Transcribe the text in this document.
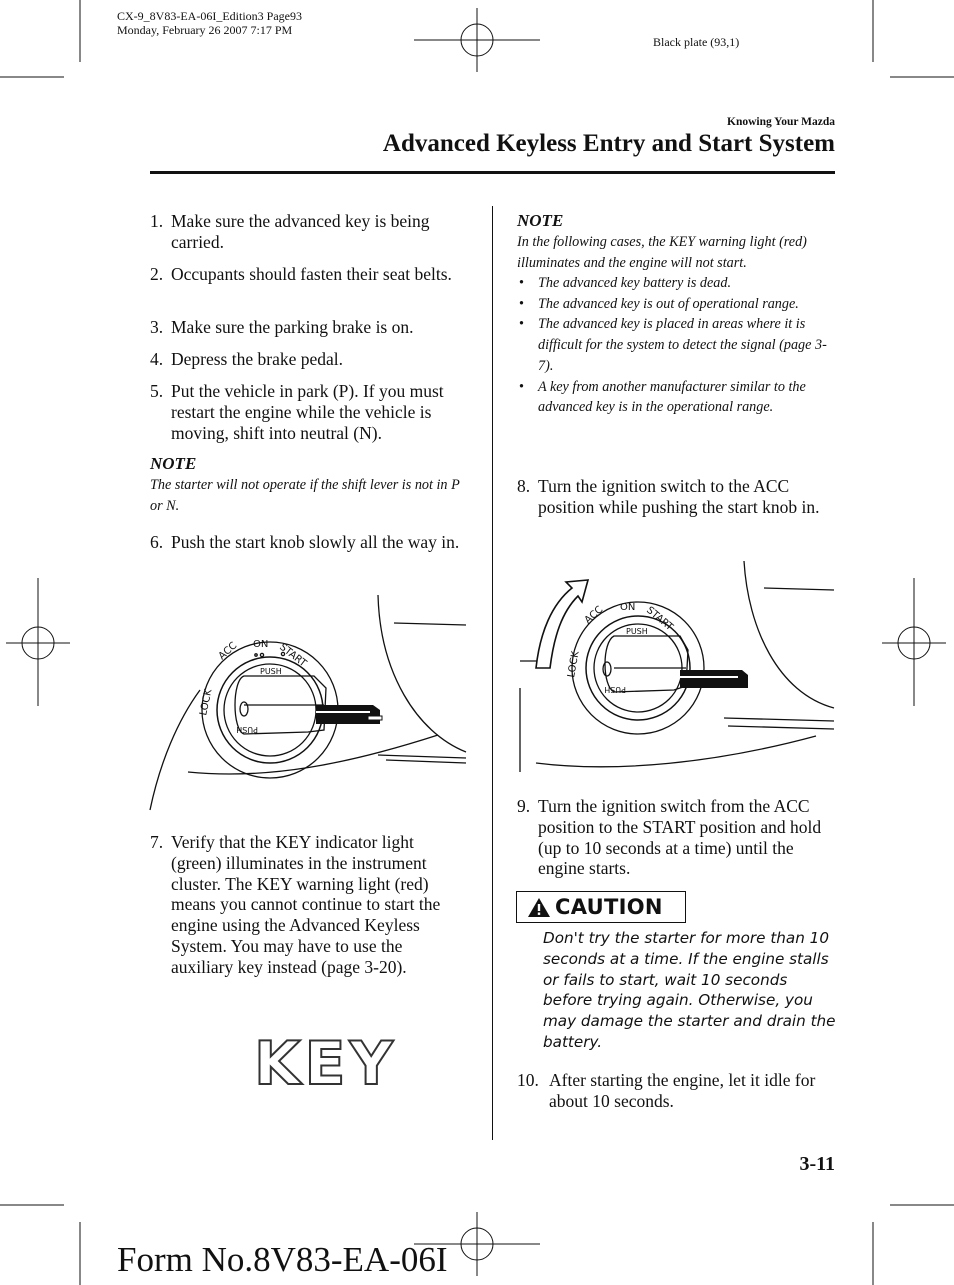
CX-9_8V83-EA-06I_Edition3 Page93
Monday, February 26 2007 7:17 PM
Black plate (93,1)
Knowing Your Mazda
Advanced Keyless Entry and Start System
1. Make sure the advanced key is being carried.
2. Occupants should fasten their seat belts.
3. Make sure the parking brake is on.
4. Depress the brake pedal.
5. Put the vehicle in park (P). If you must restart the engine while the vehicle is moving, shift into neutral (N).
NOTE
The starter will not operate if the shift lever is not in P or N.
6. Push the start knob slowly all the way in.
LOCK
ACC ON START
PUSH
PUSH
7. Verify that the KEY indicator light (green) illuminates in the instrument cluster. The KEY warning light (red) means you cannot continue to start the engine using the Advanced Keyless System. You may have to use the auxiliary key instead (page 3-20).
KEY
NOTE
In the following cases, the KEY warning light (red) illuminates and the engine will not start.
• The advanced key battery is dead.
• The advanced key is out of operational range.
• The advanced key is placed in areas where it is difficult for the system to detect the signal (page 3-7).
• A key from another manufacturer similar to the advanced key is in the operational range.
8. Turn the ignition switch to the ACC position while pushing the start knob in.
LOCK
ACC ON START
PUSH
PUSH
9. Turn the ignition switch from the ACC position to the START position and hold (up to 10 seconds at a time) until the engine starts.
CAUTION
Don't try the starter for more than 10 seconds at a time. If the engine stalls or fails to start, wait 10 seconds before trying again. Otherwise, you may damage the starter and drain the battery.
10. After starting the engine, let it idle for about 10 seconds.
3-11
Form No.8V83-EA-06I
